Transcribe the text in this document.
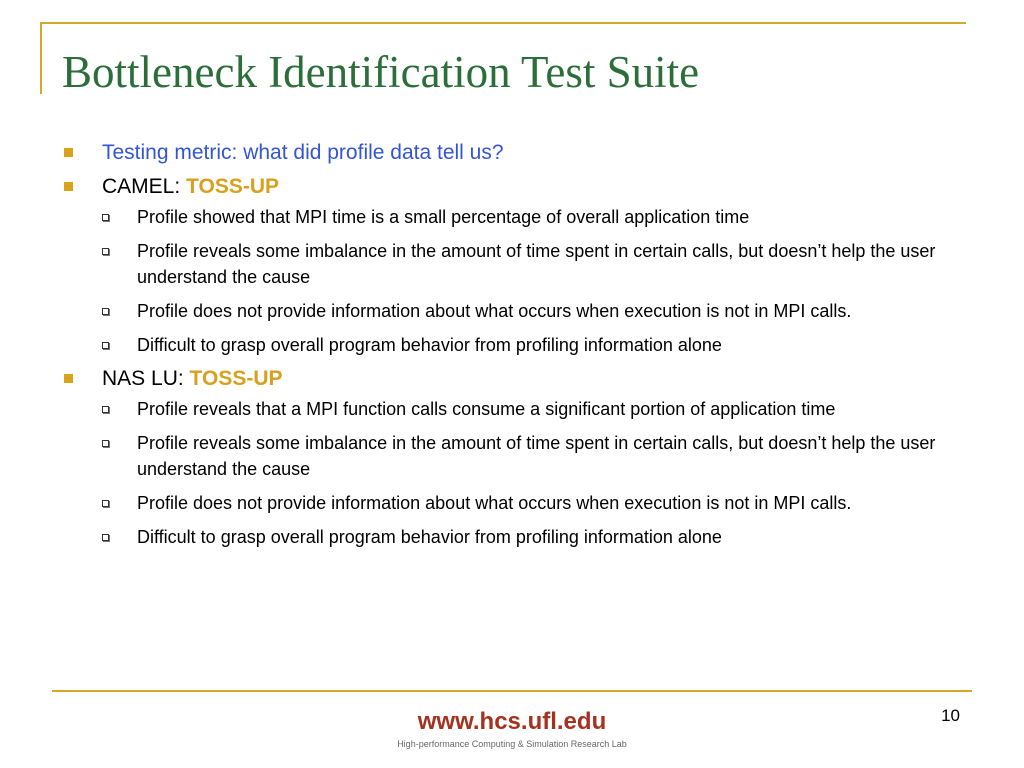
Bottleneck Identification Test Suite
Testing metric: what did profile data tell us?
CAMEL: TOSS-UP
Profile showed that MPI time is a small percentage of overall application time
Profile reveals some imbalance in the amount of time spent in certain calls, but doesn’t help the user understand the cause
Profile does not provide information about what occurs when execution is not in MPI calls.
Difficult to grasp overall program behavior from profiling information alone
NAS LU: TOSS-UP
Profile reveals that a MPI function calls consume a significant portion of application time
Profile reveals some imbalance in the amount of time spent in certain calls, but doesn’t help the user understand the cause
Profile does not provide information about what occurs when execution is not in MPI calls.
Difficult to grasp overall program behavior from profiling information alone
www.hcs.ufl.edu
High-performance Computing & Simulation Research Lab
10
